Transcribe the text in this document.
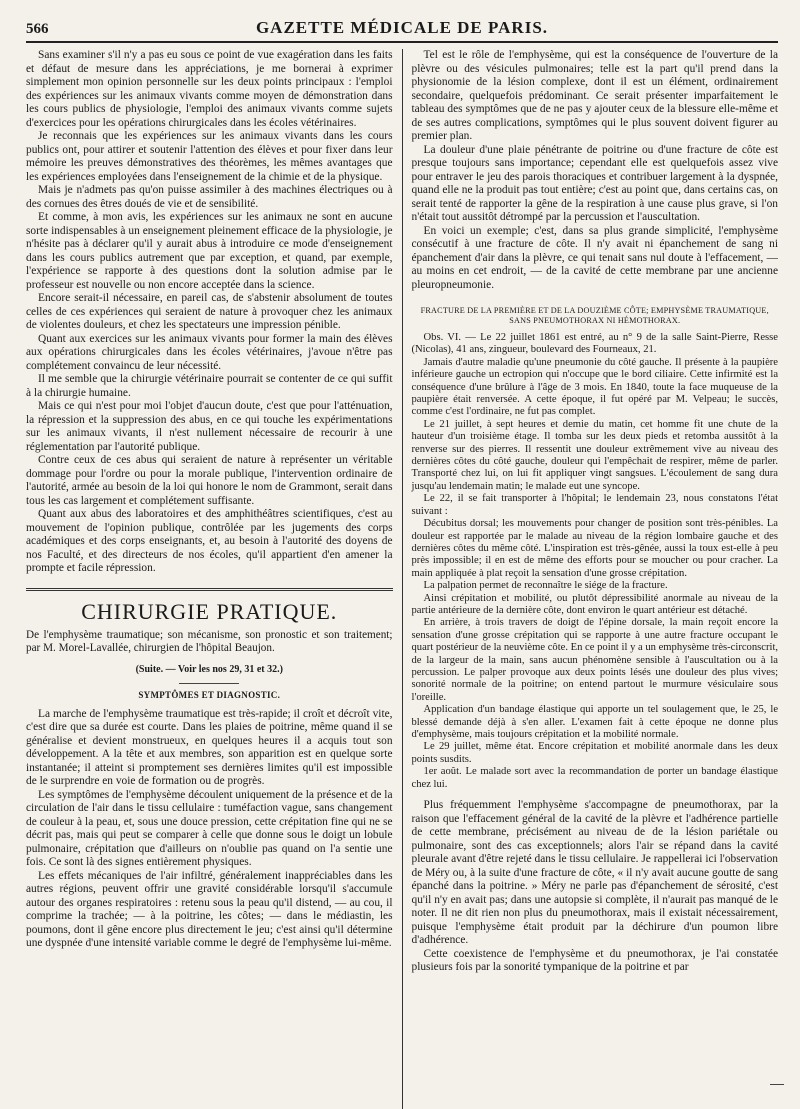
566	GAZETTE MÉDICALE DE PARIS.

Sans examiner s'il n'y a pas eu sous ce point de vue exagération dans les faits et défaut de mesure dans les appréciations, je me bornerai à exprimer simplement mon opinion personnelle sur les deux points principaux : l'emploi des expériences sur les animaux vivants comme moyen de démonstration dans les cours publics de physiologie, l'emploi des animaux vivants comme sujets d'exercices pour les opérations chirurgicales dans les écoles vétérinaires.

Je reconnais que les expériences sur les animaux vivants dans les cours publics ont, pour attirer et soutenir l'attention des élèves et pour fixer dans leur mémoire les preuves démonstratives des théorèmes, les mêmes avantages que les expériences employées dans l'enseignement de la chimie et de la physique.

Mais je n'admets pas qu'on puisse assimiler à des machines électriques ou à des cornues des êtres doués de vie et de sensibilité.

Et comme, à mon avis, les expériences sur les animaux ne sont en aucune sorte indispensables à un enseignement pleinement efficace de la physiologie, je n'hésite pas à déclarer qu'il y aurait abus à introduire ce mode d'enseignement dans les cours publics autrement que par exception, et quand, par exemple, l'expérience se rapporte à des questions dont la solution admise par le professeur est nouvelle ou non encore acceptée dans la science.

Encore serait-il nécessaire, en pareil cas, de s'abstenir absolument de toutes celles de ces expériences qui seraient de nature à provoquer chez les animaux de violentes douleurs, et chez les spectateurs une impression pénible.

Quant aux exercices sur les animaux vivants pour former la main des élèves aux opérations chirurgicales dans les écoles vétérinaires, j'avoue n'être pas complétement convaincu de leur nécessité.

Il me semble que la chirurgie vétérinaire pourrait se contenter de ce qui suffit à la chirurgie humaine.

Mais ce qui n'est pour moi l'objet d'aucun doute, c'est que pour l'atténuation, la répression et la suppression des abus, en ce qui touche les expérimentations sur les animaux vivants, il n'est nullement nécessaire de recourir à une réglementation par l'autorité publique.

Contre ceux de ces abus qui seraient de nature à représenter un véritable dommage pour l'ordre ou pour la morale publique, l'intervention ordinaire de l'autorité, armée au besoin de la loi qui honore le nom de Grammont, serait dans tous les cas largement et complétement suffisante.

Quant aux abus des laboratoires et des amphithéâtres scientifiques, c'est au mouvement de l'opinion publique, contrôlée par les jugements des corps académiques et des corps enseignants, et, au besoin à l'autorité des doyens de nos Faculté, et des directeurs de nos écoles, qu'il appartient d'en amener la prompte et facile répression.

CHIRURGIE PRATIQUE.
De l'emphysème traumatique; son mécanisme, son pronostic et son traitement; par M. Morel-Lavallée, chirurgien de l'hôpital Beaujon.
(Suite. — Voir les nos 29, 31 et 32.)
SYMPTÔMES ET DIAGNOSTIC.

La marche de l'emphysème traumatique est très-rapide; il croît et décroît vite, c'est dire que sa durée est courte. Dans les plaies de poitrine, même quand il se généralise et devient monstrueux, en quelques heures il a acquis tout son développement. A la tête et aux membres, son apparition est en quelque sorte instantanée; il atteint si promptement ses dernières limites qu'il est impossible de le surprendre en voie de formation ou de progrès.

Les symptômes de l'emphysème découlent uniquement de la présence et de la circulation de l'air dans le tissu cellulaire : tuméfaction vague, sans changement de couleur à la peau, et, sous une douce pression, cette crépitation fine qui ne se décrit pas, mais qui peut se comparer à celle que donne sous le doigt un lobule pulmonaire, crépitation que d'ailleurs on n'oublie pas quand on l'a sentie une fois. Ce sont là des signes entièrement physiques.

Les effets mécaniques de l'air infiltré, généralement inappréciables dans les autres régions, peuvent offrir une gravité considérable lorsqu'il s'accumule autour des organes respiratoires : retenu sous la peau qu'il distend, — au cou, il comprime la trachée; — à la poitrine, les côtes; — dans le médiastin, les poumons, dont il gêne encore plus directement le jeu; c'est ainsi qu'il détermine une dyspnée d'une intensité variable comme le degré de l'emphysème lui-même.

Tel est le rôle de l'emphysème, qui est la conséquence de l'ouverture de la plèvre ou des vésicules pulmonaires; telle est la part qu'il prend dans la physionomie de la lésion complexe, dont il est un élément, ordinairement secondaire, quelquefois prédominant. Ce serait présenter imparfaitement le tableau des symptômes que de ne pas y ajouter ceux de la blessure elle-même et de ses autres complications, symptômes qui le plus souvent doivent figurer au premier plan.

La douleur d'une plaie pénétrante de poitrine ou d'une fracture de côte est presque toujours sans importance; cependant elle est quelquefois assez vive pour entraver le jeu des parois thoraciques et contribuer largement à la dyspnée, quand elle ne la produit pas tout entière; c'est au point que, dans certains cas, on serait tenté de rapporter la gêne de la respiration à une cause plus grave, si l'on n'était tout aussitôt détrompé par la percussion et l'auscultation.

En voici un exemple; c'est, dans sa plus grande simplicité, l'emphysème consécutif à une fracture de côte. Il n'y avait ni épanchement de sang ni épanchement d'air dans la plèvre, ce qui tenait sans nul doute à l'effacement, — au moins en cet endroit, — de la cavité de cette membrane par une ancienne pleuropneumonie.

FRACTURE DE LA PREMIÈRE ET DE LA DOUZIÈME CÔTE; EMPHYSÈME TRAUMATIQUE, SANS PNEUMOTHORAX NI HÉMOTHORAX.

Obs. VI. — Le 22 juillet 1861 est entré, au n° 9 de la salle Saint-Pierre, Resse (Nicolas), 41 ans, zingueur, boulevard des Fourneaux, 21.

Jamais d'autre maladie qu'une pneumonie du côté gauche. Il présente à la paupière inférieure gauche un ectropion qui n'occupe que le bord ciliaire. Cette infirmité est la conséquence d'une brûlure à l'âge de 3 mois. En 1840, toute la face muqueuse de la paupière était renversée. A cette époque, il fut opéré par M. Velpeau; le succès, comme c'est l'ordinaire, ne fut pas complet.

Le 21 juillet, à sept heures et demie du matin, cet homme fit une chute de la hauteur d'un troisième étage. Il tomba sur les deux pieds et retomba aussitôt à la renverse sur des pierres. Il ressentit une douleur extrêmement vive au niveau des dernières côtes du côté gauche, douleur qui l'empêchait de respirer, même de parler. Transporté chez lui, on lui fit appliquer vingt sangsues. L'écoulement de sang dura jusqu'au lendemain matin; le malade eut une syncope.

Le 22, il se fait transporter à l'hôpital; le lendemain 23, nous constatons l'état suivant :

Décubitus dorsal; les mouvements pour changer de position sont très-pénibles. La douleur est rapportée par le malade au niveau de la région lombaire gauche et des dernières côtes du même côté. L'inspiration est très-gênée, aussi la toux est-elle à peu près impossible; il en est de même des efforts pour se moucher ou pour cracher. La main appliquée à plat reçoit la sensation d'une grosse crépitation.

La palpation permet de reconnaître le siége de la fracture.

Ainsi crépitation et mobilité, ou plutôt dépressibilité anormale au niveau de la partie antérieure de la dernière côte, dont environ le quart antérieur est détaché.

En arrière, à trois travers de doigt de l'épine dorsale, la main reçoit encore la sensation d'une grosse crépitation qui se rapporte à une autre fracture occupant le quart postérieur de la neuvième côte. En ce point il y a un emphysème très-circonscrit, de la largeur de la main, sans aucun phénomène sensible à l'auscultation ou à la percussion. Le palper provoque aux deux points lésés une douleur des plus vives; sonorité normale de la poitrine; on entend partout le murmure vésiculaire sous l'oreille.

Application d'un bandage élastique qui apporte un tel soulagement que, le 25, le blessé demande déjà à s'en aller. L'examen fait à cette époque ne donne plus d'emphysème, mais toujours crépitation et la mobilité normale.

Le 29 juillet, même état. Encore crépitation et mobilité anormale dans les deux points susdits.

1er août. Le malade sort avec la recommandation de porter un bandage élastique chez lui.

Plus fréquemment l'emphysème s'accompagne de pneumothorax, par la raison que l'effacement général de la cavité de la plèvre et l'adhérence partielle de cette membrane, précisément au niveau de de la lésion pariétale ou pulmonaire, sont des cas exceptionnels; alors l'air se répand dans la cavité pleurale avant d'être rejeté dans le tissu cellulaire. Je rappellerai ici l'observation de Méry ou, à la suite d'une fracture de côte, « il n'y avait aucune goutte de sang épanché dans la poitrine. » Méry ne parle pas d'épanchement de sérosité, c'est qu'il n'y en avait pas; dans une autopsie si complète, il n'aurait pas manqué de le noter. Il ne dit rien non plus du pneumothorax, mais il existait nécessairement, puisque l'emphysème était produit par la déchirure d'un poumon libre d'adhérence.

Cette coexistence de l'emphysème et du pneumothorax, je l'ai constatée plusieurs fois par la sonorité tympanique de la poitrine et par
